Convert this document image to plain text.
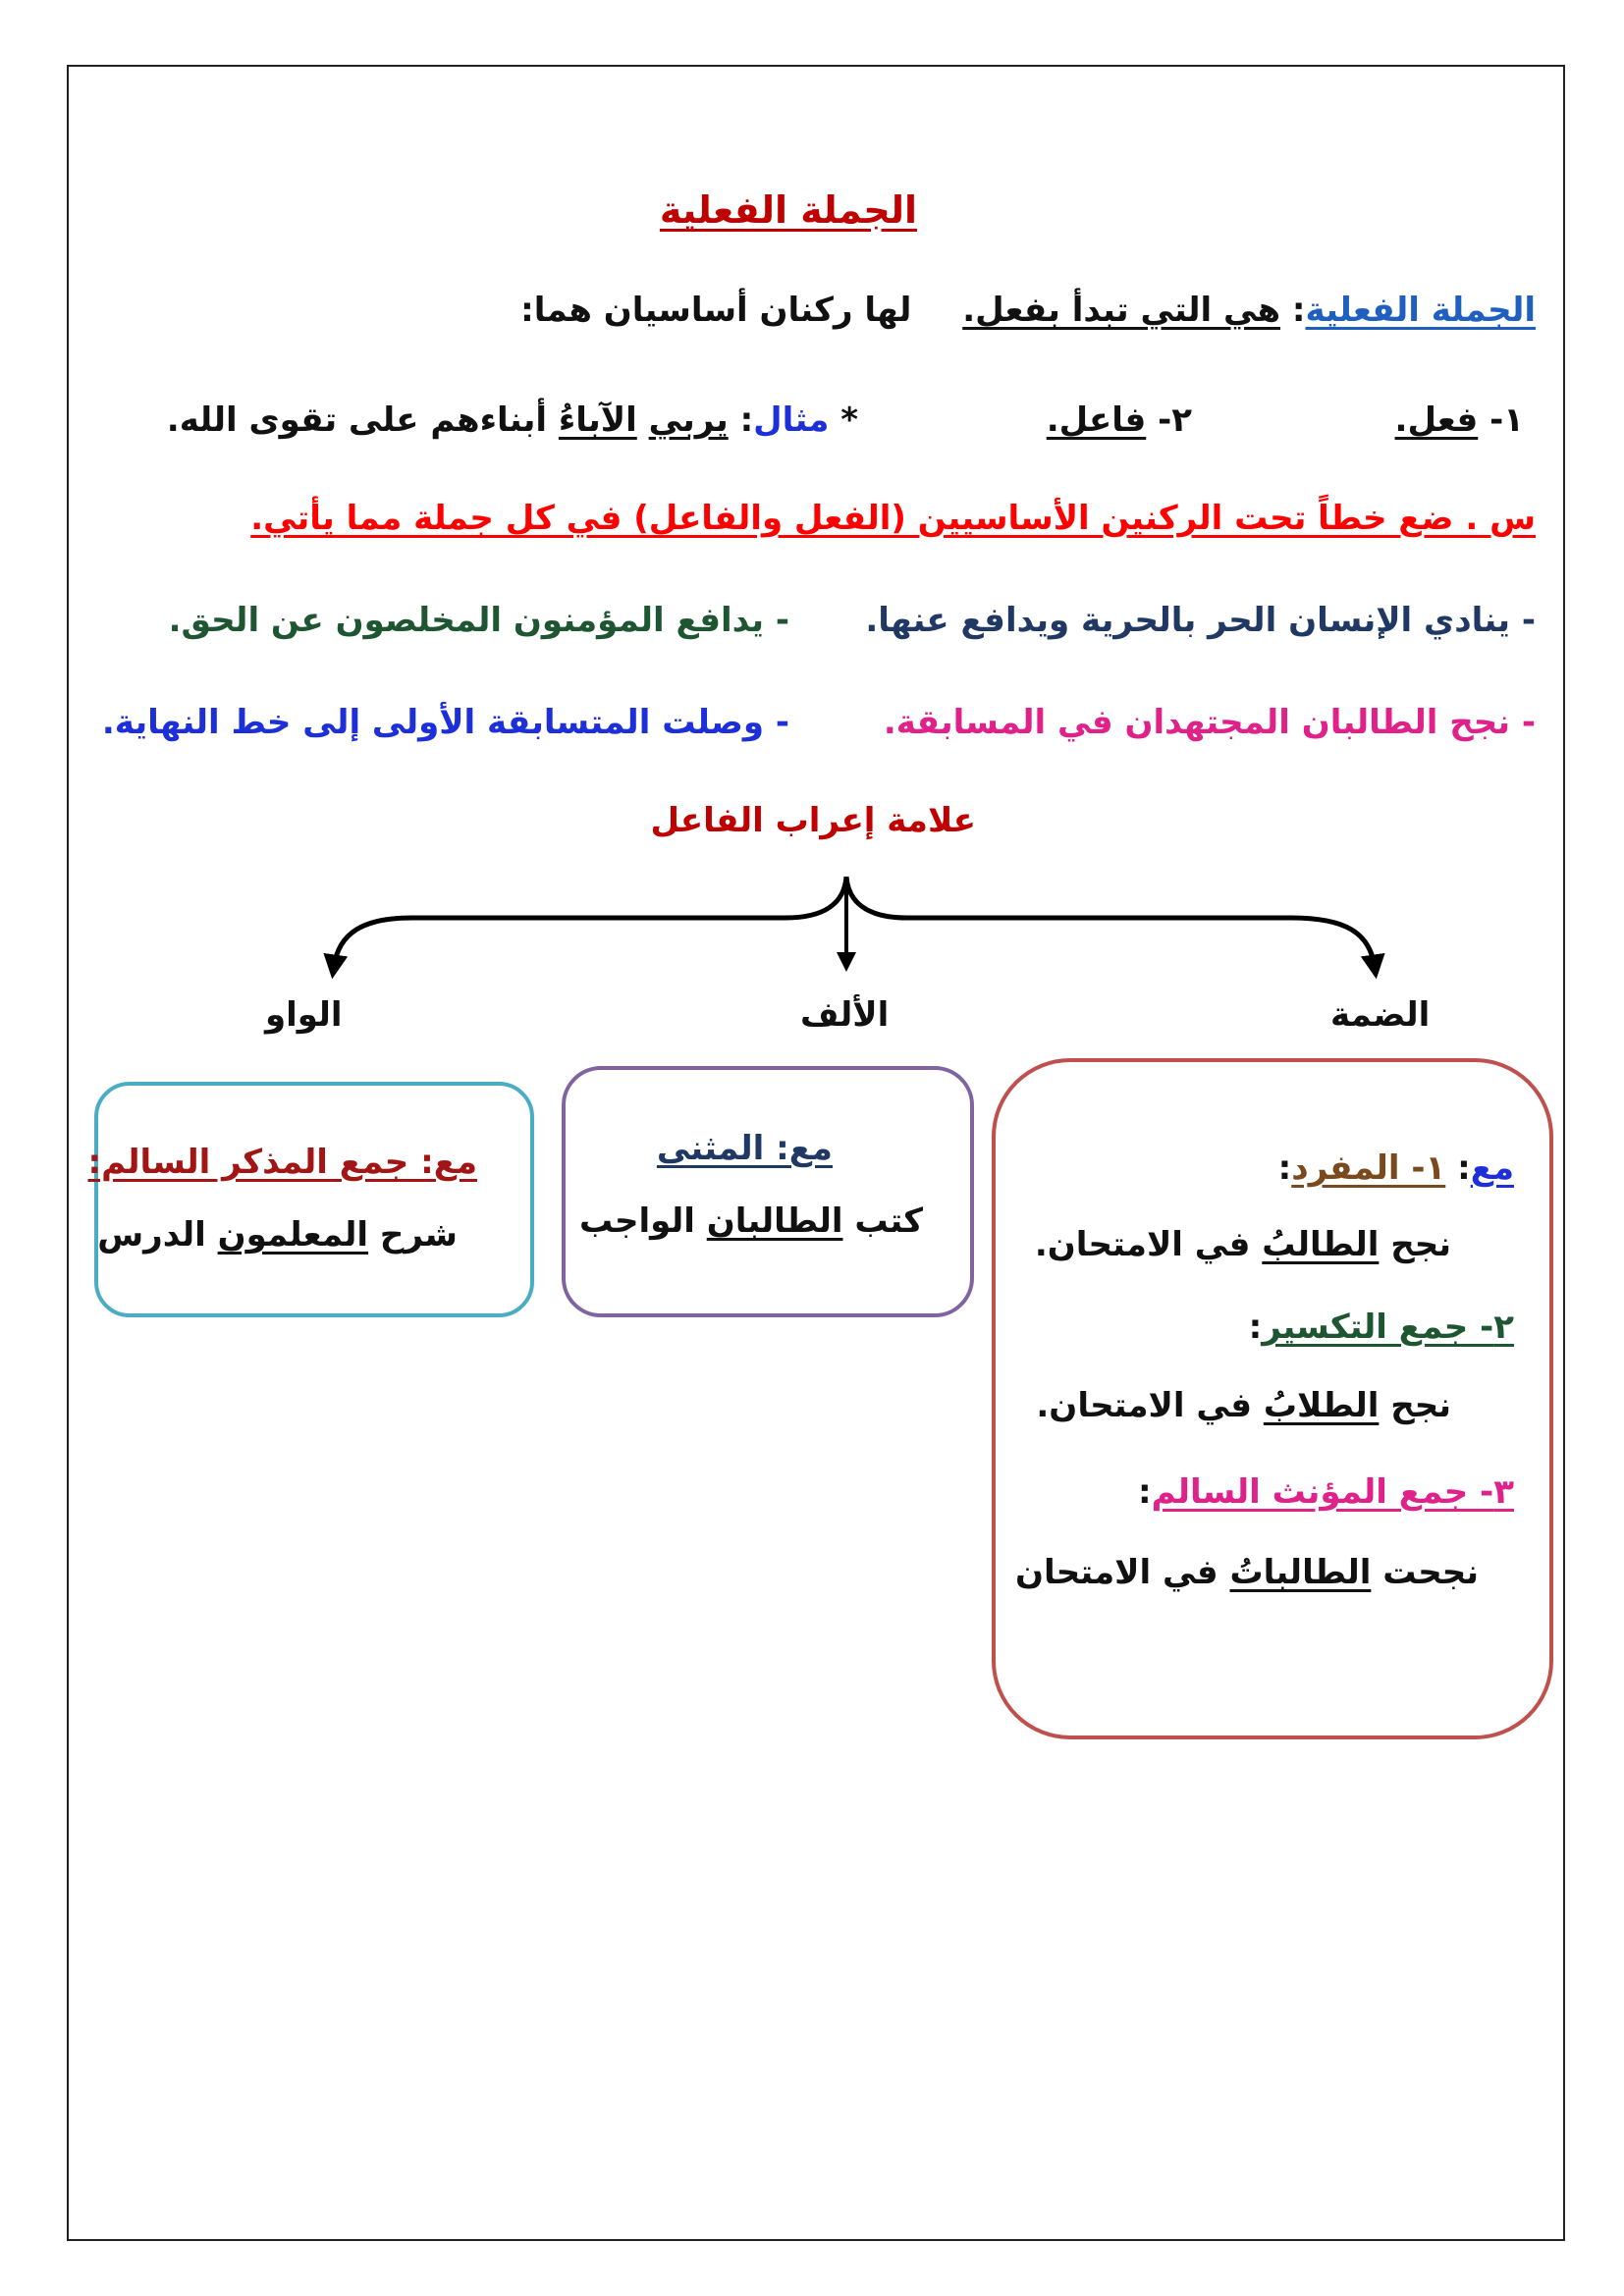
الجملة الفعلية
الجملة الفعلية: هي التي تبدأ بفعل. لها ركنان أساسيان هما:
١- فعل.
٢- فاعل.
* مثال: يربي الآباءُ أبناءهم على تقوى الله.
س . ضع خطاً تحت الركنين الأساسيين (الفعل والفاعل) في كل جملة مما يأتي.
- ينادي الإنسان الحر بالحرية ويدافع عنها.
- يدافع المؤمنون المخلصون عن الحق.
- نجح الطالبان المجتهدان في المسابقة.
- وصلت المتسابقة الأولى إلى خط النهاية.
علامة إعراب الفاعل
الضمة
الألف
الواو
مع: ١- المفرد:
نجح الطالبُ في الامتحان.
٢- جمع التكسير:
نجح الطلابُ في الامتحان.
٣- جمع المؤنث السالم:
نجحت الطالباتُ في الامتحان
مع: المثنى
كتب الطالبان الواجب
مع: جمع المذكر السالم:
شرح المعلمون الدرس
